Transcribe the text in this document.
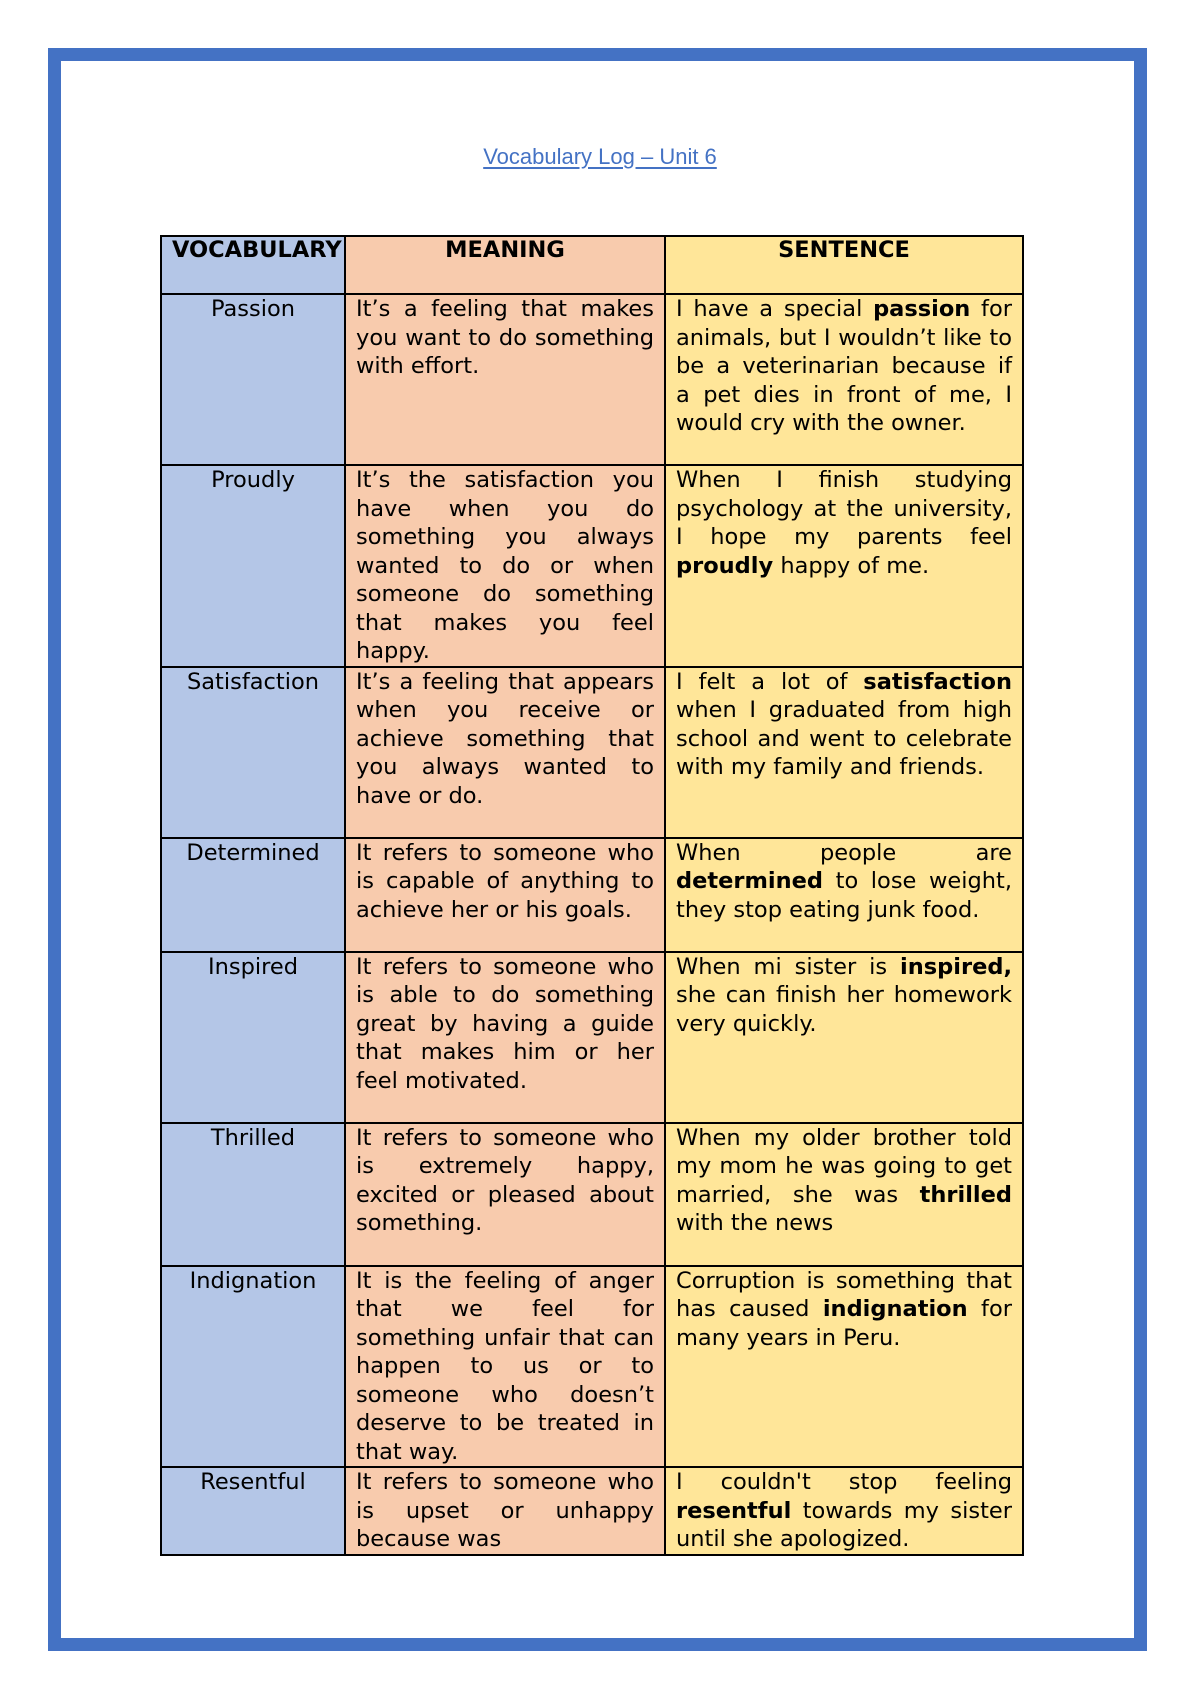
Vocabulary Log – Unit 6
VOCABULARY	MEANING	SENTENCE
Passion	It’s a feeling that makes you want to do something with effort.	I have a special passion for animals, but I wouldn’t like to be a veterinarian because if a pet dies in front of me, I would cry with the owner.
Proudly	It’s the satisfaction you have when you do something you always wanted to do or when someone do something that makes you feel happy.	When I finish studying psychology at the university, I hope my parents feel proudly happy of me.
Satisfaction	It’s a feeling that appears when you receive or achieve something that you always wanted to have or do.	I felt a lot of satisfaction when I graduated from high school and went to celebrate with my family and friends.
Determined	It refers to someone who is capable of anything to achieve her or his goals.	When people are determined to lose weight, they stop eating junk food.
Inspired	It refers to someone who is able to do something great by having a guide that makes him or her feel motivated.	When mi sister is inspired, she can finish her homework very quickly.
Thrilled	It refers to someone who is extremely happy, excited or pleased about something.	When my older brother told my mom he was going to get married, she was thrilled with the news
Indignation	It is the feeling of anger that we feel for something unfair that can happen to us or to someone who doesn’t deserve to be treated in that way.	Corruption is something that has caused indignation for many years in Peru.
Resentful	It refers to someone who is upset or unhappy because was	I couldn't stop feeling resentful towards my sister until she apologized.
